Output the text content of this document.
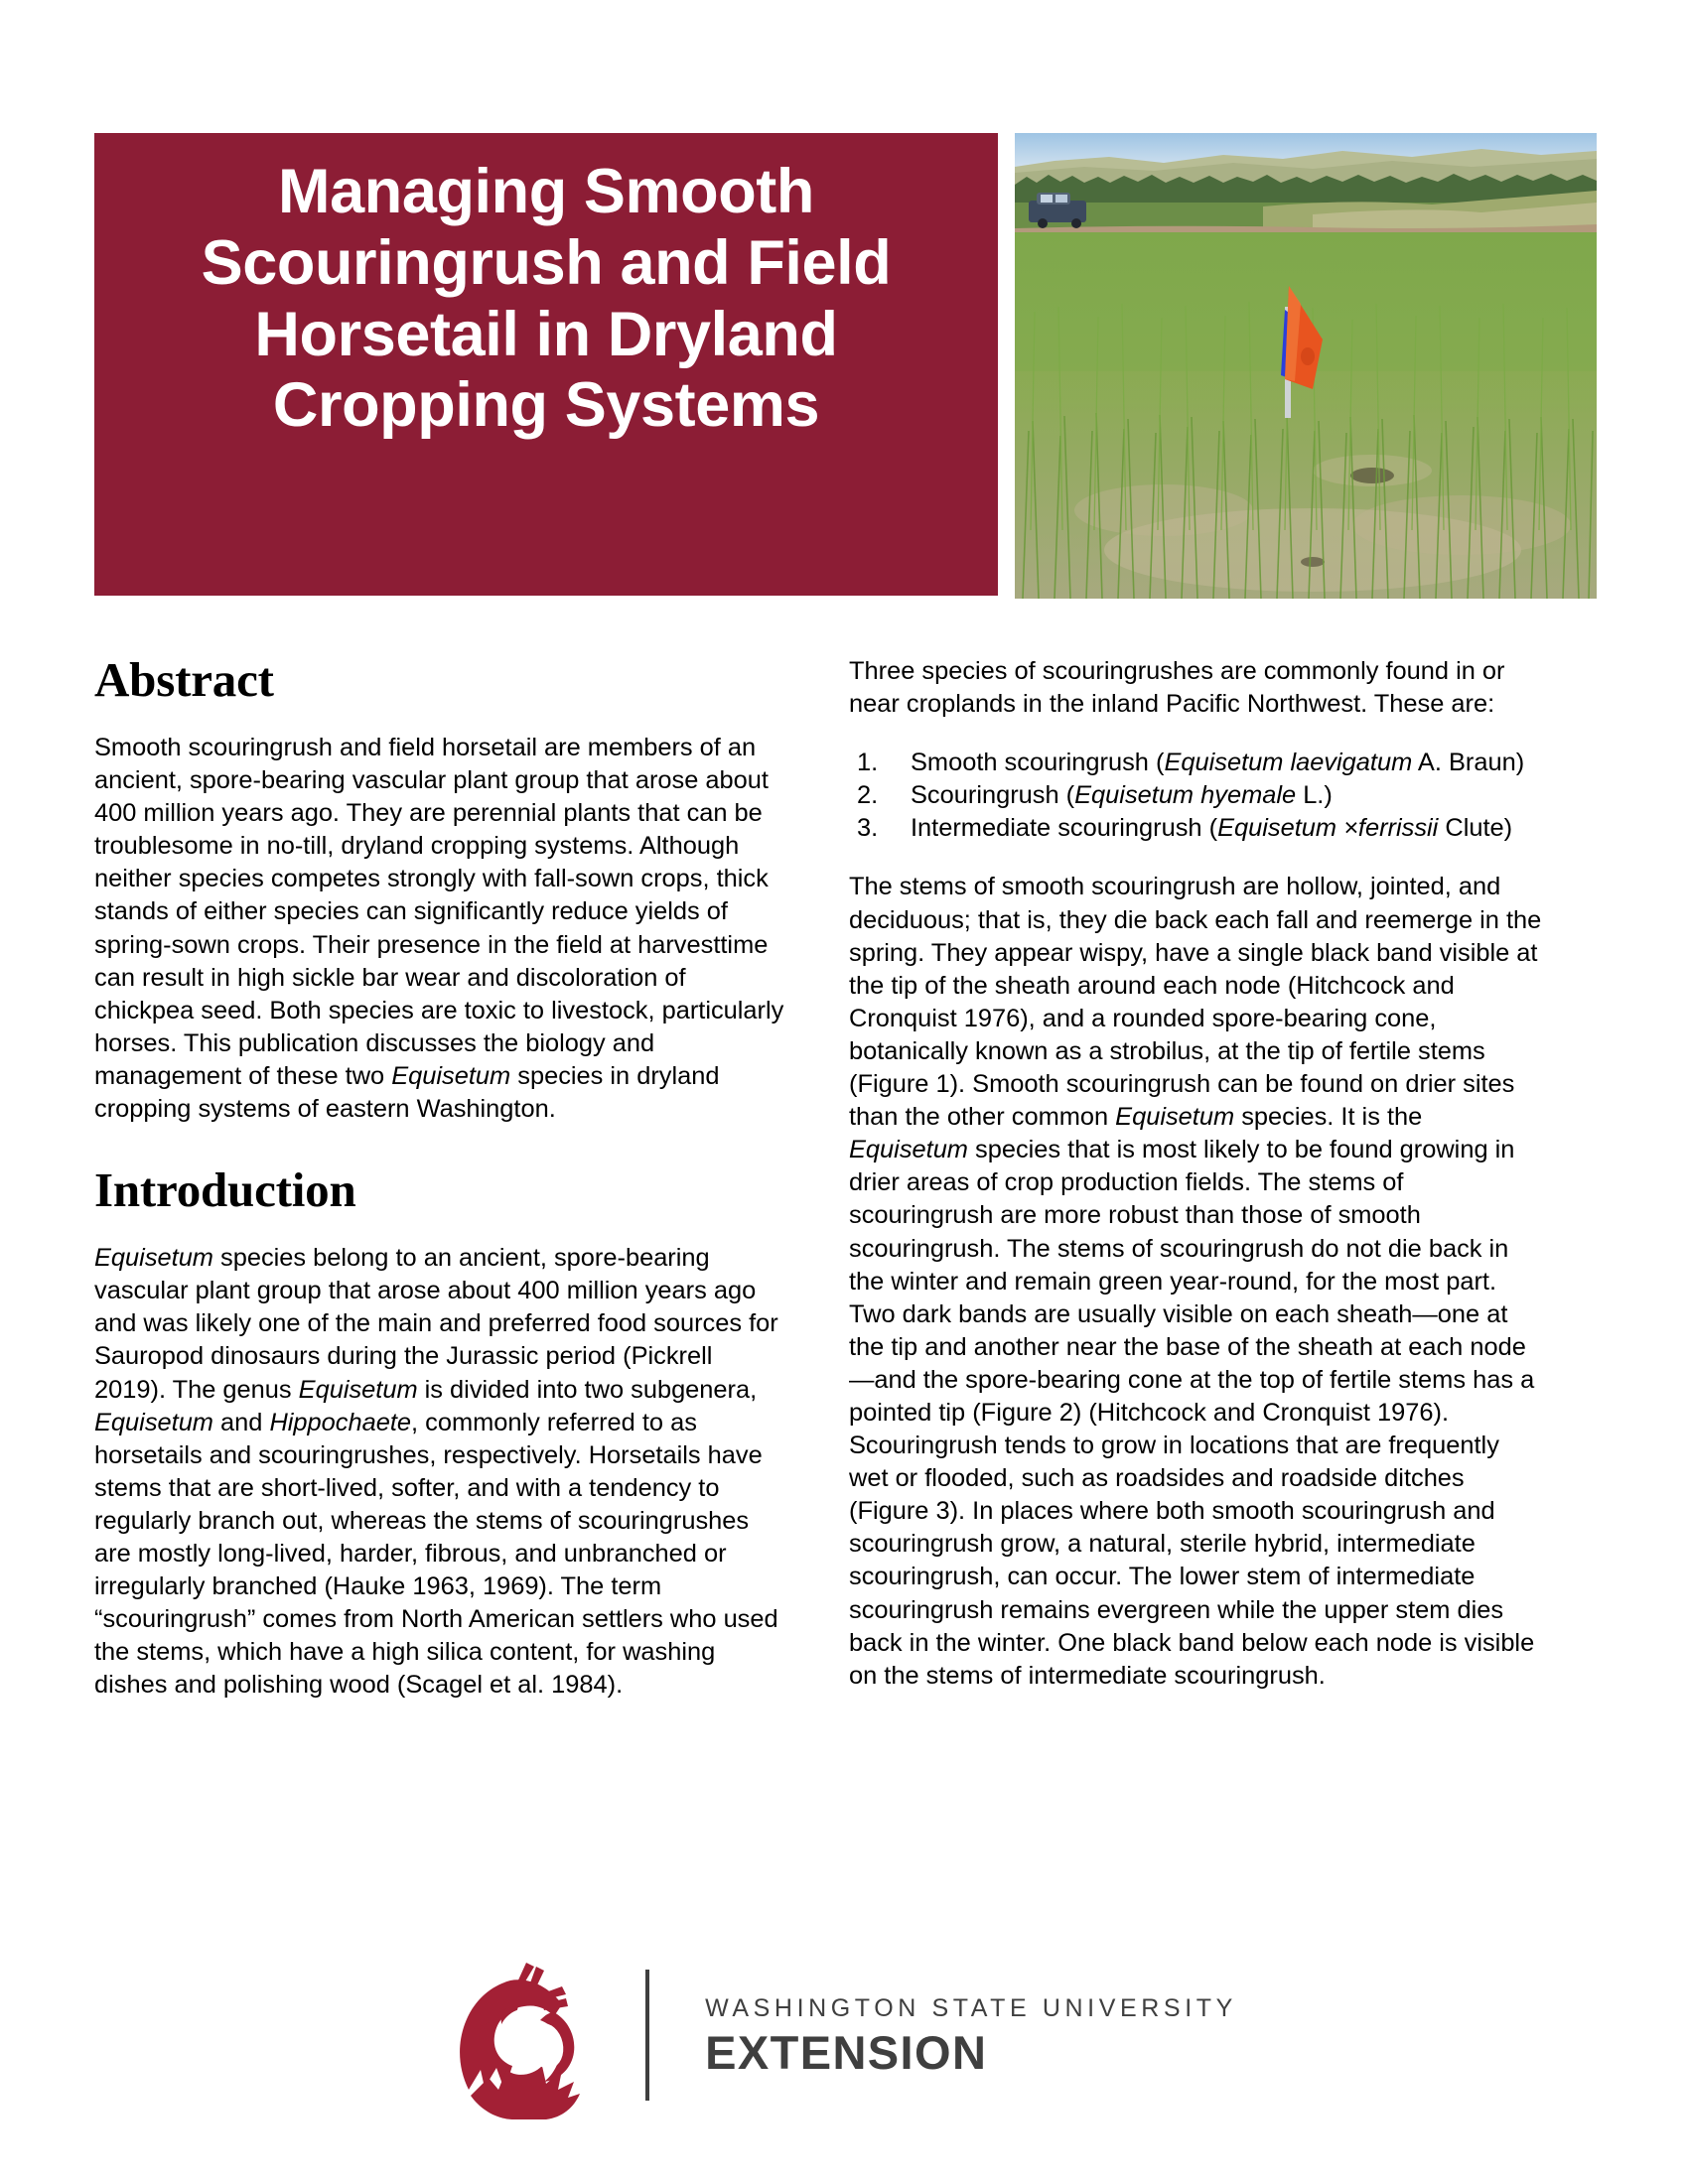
Managing Smooth
Scouringrush and Field
Horsetail in Dryland
Cropping Systems
Abstract

Smooth scouringrush and field horsetail are members of an ancient, spore-bearing vascular plant group that arose about 400 million years ago. They are perennial plants that can be troublesome in no-till, dryland cropping systems. Although neither species competes strongly with fall-sown crops, thick stands of either species can significantly reduce yields of spring-sown crops. Their presence in the field at harvesttime can result in high sickle bar wear and discoloration of chickpea seed. Both species are toxic to livestock, particularly horses. This publication discusses the biology and management of these two Equisetum species in dryland cropping systems of eastern Washington.

Introduction

Equisetum species belong to an ancient, spore-bearing vascular plant group that arose about 400 million years ago and was likely one of the main and preferred food sources for Sauropod dinosaurs during the Jurassic period (Pickrell 2019). The genus Equisetum is divided into two subgenera, Equisetum and Hippochaete, commonly referred to as horsetails and scouringrushes, respectively. Horsetails have stems that are short-lived, softer, and with a tendency to regularly branch out, whereas the stems of scouringrushes are mostly long-lived, harder, fibrous, and unbranched or irregularly branched (Hauke 1963, 1969). The term “scouringrush” comes from North American settlers who used the stems, which have a high silica content, for washing dishes and polishing wood (Scagel et al. 1984).

Three species of scouringrushes are commonly found in or near croplands in the inland Pacific Northwest. These are:

1.	Smooth scouringrush (Equisetum laevigatum A. Braun)
2.	Scouringrush (Equisetum hyemale L.)
3.	Intermediate scouringrush (Equisetum ×ferrissii Clute)

The stems of smooth scouringrush are hollow, jointed, and deciduous; that is, they die back each fall and reemerge in the spring. They appear wispy, have a single black band visible at the tip of the sheath around each node (Hitchcock and Cronquist 1976), and a rounded spore-bearing cone, botanically known as a strobilus, at the tip of fertile stems (Figure 1). Smooth scouringrush can be found on drier sites than the other common Equisetum species. It is the Equisetum species that is most likely to be found growing in drier areas of crop production fields. The stems of scouringrush are more robust than those of smooth scouringrush. The stems of scouringrush do not die back in the winter and remain green year-round, for the most part. Two dark bands are usually visible on each sheath—one at the tip and another near the base of the sheath at each node—and the spore-bearing cone at the top of fertile stems has a pointed tip (Figure 2) (Hitchcock and Cronquist 1976). Scouringrush tends to grow in locations that are frequently wet or flooded, such as roadsides and roadside ditches (Figure 3). In places where both smooth scouringrush and scouringrush grow, a natural, sterile hybrid, intermediate scouringrush, can occur. The lower stem of intermediate scouringrush remains evergreen while the upper stem dies back in the winter. One black band below each node is visible on the stems of intermediate scouringrush.

WASHINGTON STATE UNIVERSITY
EXTENSION
